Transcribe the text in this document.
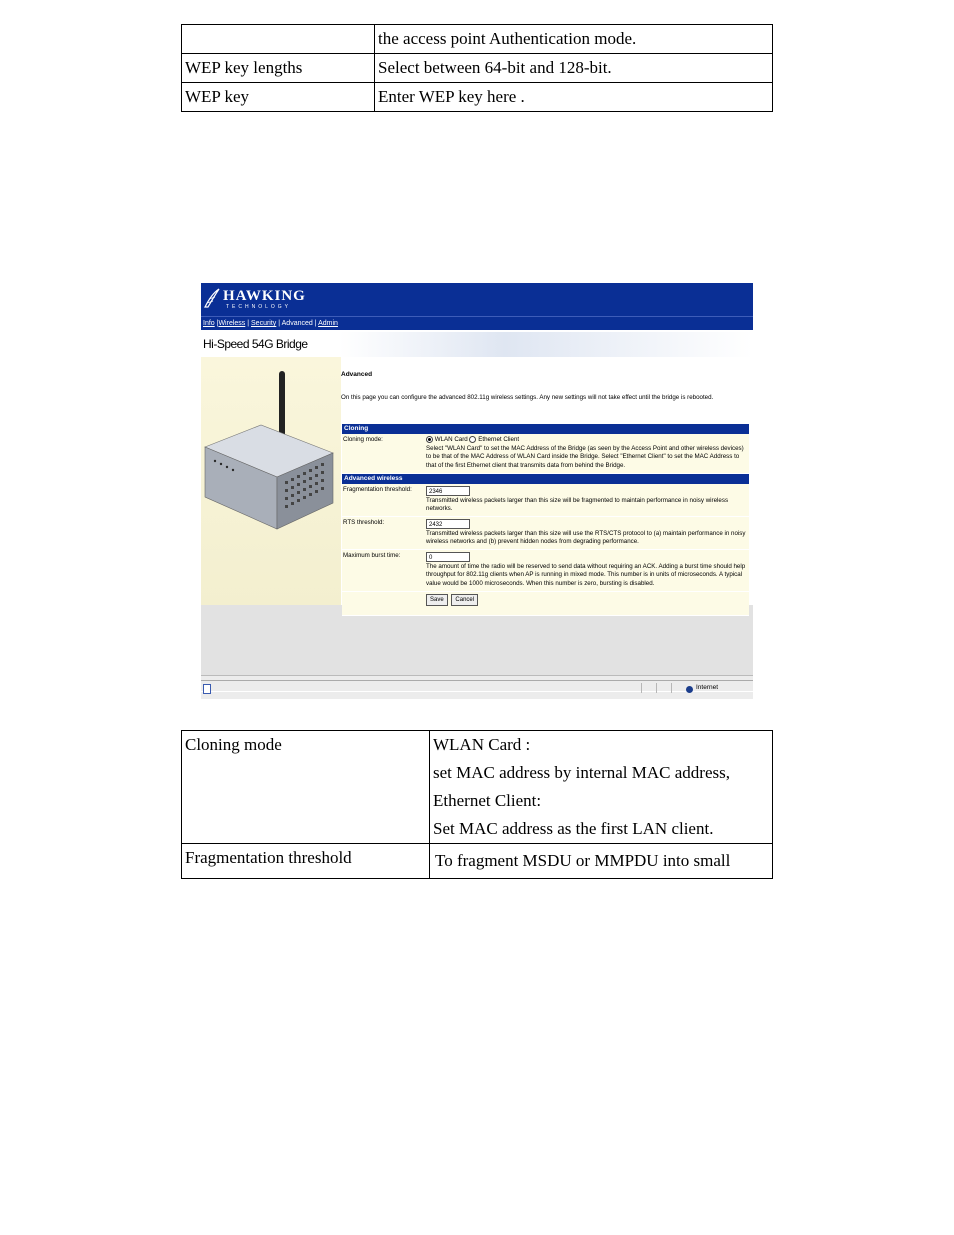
	the access point Authentication mode.
WEP key lengths	Select between 64-bit and 128-bit.
WEP key	Enter WEP key here .
HAWKING
TECHNOLOGY
Info |Wireless | Security | Advanced | Admin
Hi-Speed 54G Bridge
Advanced
On this page you can configure the advanced 802.11g wireless settings. Any new settings will not take effect until the bridge is rebooted.
Cloning
Cloning mode:	WLAN Card Ethernet Client
Select "WLAN Card" to set the MAC Address of the Bridge (as seen by the Access Point and other wireless devices) to be that of the MAC Address of WLAN Card inside the Bridge. Select "Ethernet Client" to set the MAC Address to that of the first Ethernet client that transmits data from behind the Bridge.
Advanced wireless
Fragmentation threshold:	2346
Transmitted wireless packets larger than this size will be fragmented to maintain performance in noisy wireless networks.
RTS threshold:	2432
Transmitted wireless packets larger than this size will use the RTS/CTS protocol to (a) maintain performance in noisy wireless networks and (b) prevent hidden nodes from degrading performance.
Maximum burst time:	0
The amount of time the radio will be reserved to send data without requiring an ACK. Adding a burst time should help throughput for 802.11g clients when AP is running in mixed mode. This number is in units of microseconds. A typical value would be 1000 microseconds. When this number is zero, bursting is disabled.
Save Cancel
Internet
Cloning mode	WLAN Card :
set MAC address by internal MAC address,
Ethernet Client:
Set MAC address as the first LAN client.

Fragmentation threshold	To fragment MSDU or MMPDU into small
